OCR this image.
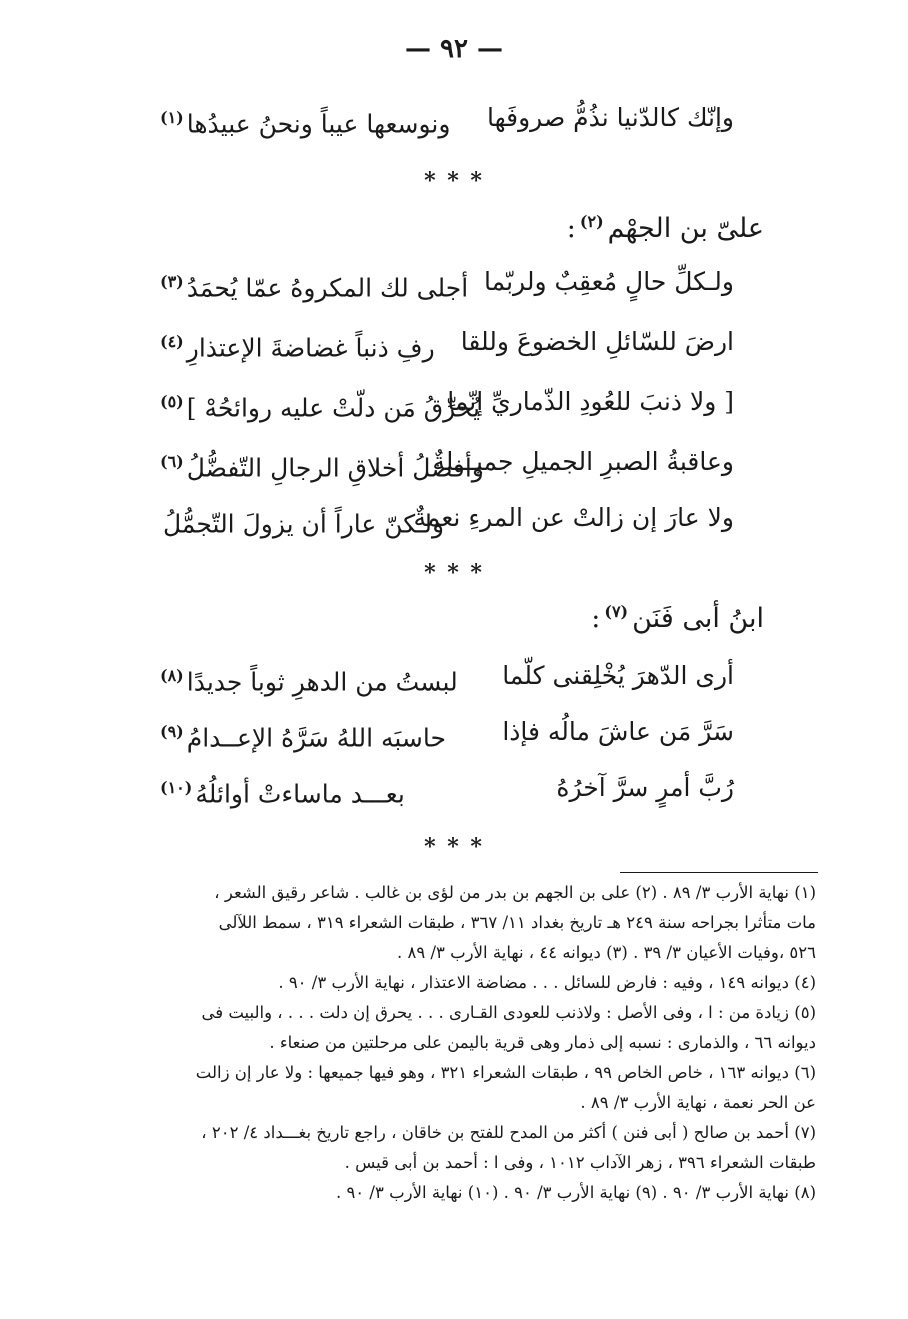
— ٩٢ —
وإنّك كالدّنيا نذُمُّ صروفَها
ونوسعها عيباً ونحنُ عبيدُها$^{(١)}$
* * *
علىّ بن الجهْم$^{(٢)}$:
ولـكلِّ حالٍ مُعقِبٌ ولربّما
أجلى لك المكروهُ عمّا يُحمَدُ$^{(٣)}$
ارضَ للسّائلِ الخضوعَ وللقا
رفِ ذنباً غضاضةَ الإعتذارِ$^{(٤)}$
[ ولا ذنبَ للعُودِ الذّماريِّ إنّما
يُحرِّقُ مَن دلّتْ عليه روائحُهْ ]$^{(٥)}$
وعاقبةُ الصبرِ الجميلِ جميـــلةٌ
وأفضلُ أخلاقِ الرجالِ التّفضُّلُ$^{(٦)}$
ولا عارَ إن زالتْ عن المرءِ نعمةٌ
ولـكنّ عاراً أن يزولَ التّجمُّلُ
* * *
ابنُ أبى فَنَن$^{(٧)}$:
أرى الدّهرَ يُخْلِقنى كلّما
لبستُ من الدهرِ ثوباً جديدًا$^{(٨)}$
سَرَّ مَن عاشَ مالُه فإذا
حاسبَه اللهُ سَرَّهُ الإعــدامُ$^{(٩)}$
رُبَّ أمرٍ سرَّ آخرُهُ
بعـــد ماساءتْ أوائلُهُ$^{(١٠)}$
* * *

(١) نهاية الأرب ٣/ ٨٩ . (٢) على بن الجهم بن بدر من لؤى بن غالب . شاعر رقيق الشعر ،

مات متأثرا بجراحه سنة ٢٤٩ هـ تاريخ بغداد ١١/ ٣٦٧ ، طبقات الشعراء ٣١٩ ، سمط اللآلى

٥٢٦ ،وفيات الأعيان ٣/ ٣٩ . (٣) ديوانه ٤٤ ، نهاية الأرب ٣/ ٨٩ .

(٤) ديوانه ١٤٩ ، وفيه : فارض للسائل . . . مضاضة الاعتذار ، نهاية الأرب ٣/ ٩٠ .

(٥) زيادة من : ا ، وفى الأصل : ولاذنب للعودى القـارى . . . يحرق إن دلت . . . ، والبيت فى

ديوانه ٦٦ ، والذمارى : نسبه إلى ذمار وهى قرية باليمن على مرحلتين من صنعاء .

(٦) ديوانه ١٦٣ ، خاص الخاص ٩٩ ، طبقات الشعراء ٣٢١ ، وهو فيها جميعها : ولا عار إن زالت

عن الحر نعمة ، نهاية الأرب ٣/ ٨٩ .

(٧) أحمد بن صالح ( أبى فنن ) أكثر من المدح للفتح بن خاقان ، راجع تاريخ بغـــداد ٤/ ٢٠٢ ،

طبقات الشعراء ٣٩٦ ، زهر الآداب ١٠١٢ ، وفى ا : أحمد بن أبى قيس .

(٨) نهاية الأرب ٣/ ٩٠ . (٩) نهاية الأرب ٣/ ٩٠ . (١٠) نهاية الأرب ٣/ ٩٠ .
